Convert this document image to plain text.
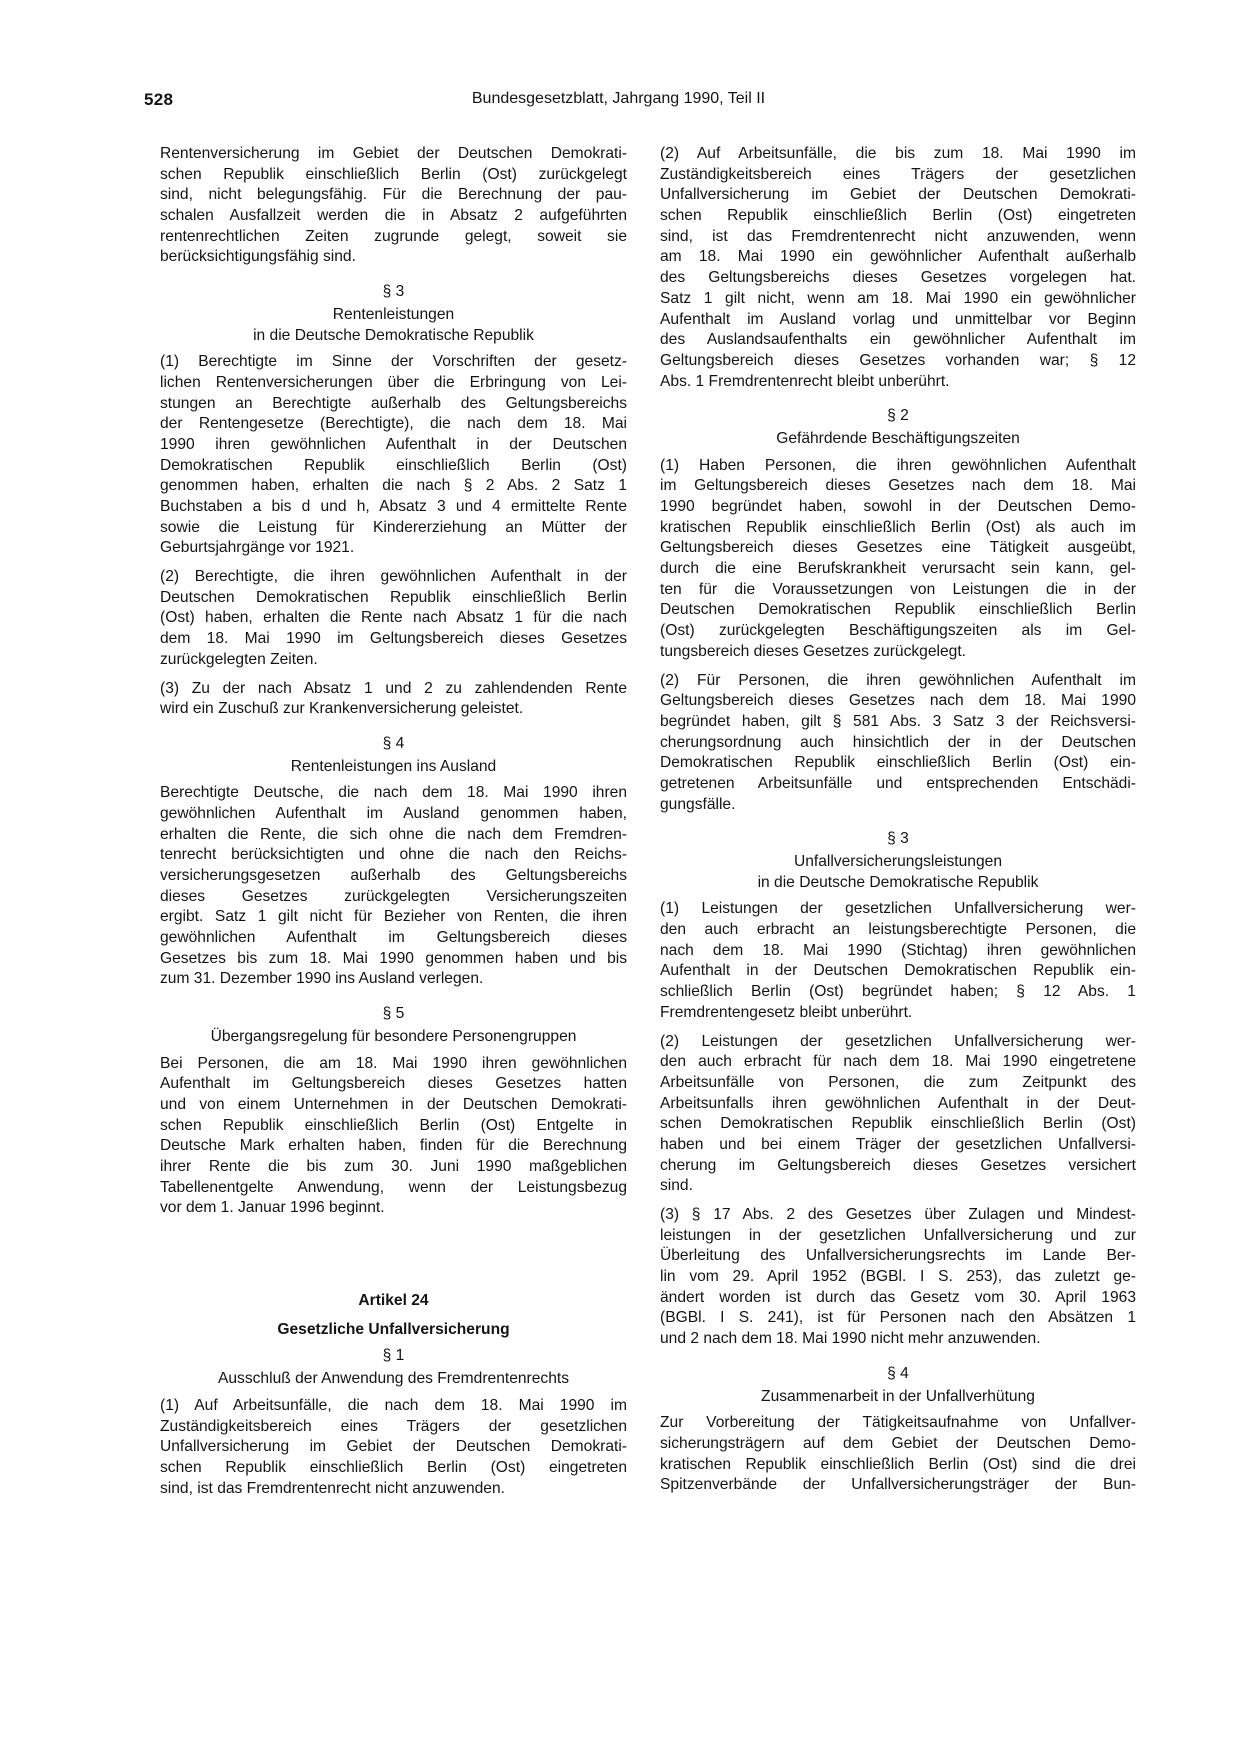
528	Bundesgesetzblatt, Jahrgang 1990, Teil II
Rentenversicherung im Gebiet der Deutschen Demokrati-
schen Republik einschließlich Berlin (Ost) zurückgelegt
sind, nicht belegungsfähig. Für die Berechnung der pau-
schalen Ausfallzeit werden die in Absatz 2 aufgeführten
rentenrechtlichen Zeiten zugrunde gelegt, soweit sie
berücksichtigungsfähig sind.
§ 3
Rentenleistungen
in die Deutsche Demokratische Republik
(1) Berechtigte im Sinne der Vorschriften der gesetz-
lichen Rentenversicherungen über die Erbringung von Lei-
stungen an Berechtigte außerhalb des Geltungsbereichs
der Rentengesetze (Berechtigte), die nach dem 18. Mai
1990 ihren gewöhnlichen Aufenthalt in der Deutschen
Demokratischen Republik einschließlich Berlin (Ost)
genommen haben, erhalten die nach § 2 Abs. 2 Satz 1
Buchstaben a bis d und h, Absatz 3 und 4 ermittelte Rente
sowie die Leistung für Kindererziehung an Mütter der
Geburtsjahrgänge vor 1921.
(2) Berechtigte, die ihren gewöhnlichen Aufenthalt in der
Deutschen Demokratischen Republik einschließlich Berlin
(Ost) haben, erhalten die Rente nach Absatz 1 für die nach
dem 18. Mai 1990 im Geltungsbereich dieses Gesetzes
zurückgelegten Zeiten.
(3) Zu der nach Absatz 1 und 2 zu zahlendenden Rente
wird ein Zuschuß zur Krankenversicherung geleistet.
§ 4
Rentenleistungen ins Ausland
Berechtigte Deutsche, die nach dem 18. Mai 1990 ihren
gewöhnlichen Aufenthalt im Ausland genommen haben,
erhalten die Rente, die sich ohne die nach dem Fremdren-
tenrecht berücksichtigten und ohne die nach den Reichs-
versicherungsgesetzen außerhalb des Geltungsbereichs
dieses Gesetzes zurückgelegten Versicherungszeiten
ergibt. Satz 1 gilt nicht für Bezieher von Renten, die ihren
gewöhnlichen Aufenthalt im Geltungsbereich dieses
Gesetzes bis zum 18. Mai 1990 genommen haben und bis
zum 31. Dezember 1990 ins Ausland verlegen.
§ 5
Übergangsregelung für besondere Personengruppen
Bei Personen, die am 18. Mai 1990 ihren gewöhnlichen
Aufenthalt im Geltungsbereich dieses Gesetzes hatten
und von einem Unternehmen in der Deutschen Demokrati-
schen Republik einschließlich Berlin (Ost) Entgelte in
Deutsche Mark erhalten haben, finden für die Berechnung
ihrer Rente die bis zum 30. Juni 1990 maßgeblichen
Tabellenentgelte Anwendung, wenn der Leistungsbezug
vor dem 1. Januar 1996 beginnt.
Artikel 24
Gesetzliche Unfallversicherung
§ 1
Ausschluß der Anwendung des Fremdrentenrechts
(1) Auf Arbeitsunfälle, die nach dem 18. Mai 1990 im
Zuständigkeitsbereich eines Trägers der gesetzlichen
Unfallversicherung im Gebiet der Deutschen Demokrati-
schen Republik einschließlich Berlin (Ost) eingetreten
sind, ist das Fremdrentenrecht nicht anzuwenden.
(2) Auf Arbeitsunfälle, die bis zum 18. Mai 1990 im
Zuständigkeitsbereich eines Trägers der gesetzlichen
Unfallversicherung im Gebiet der Deutschen Demokrati-
schen Republik einschließlich Berlin (Ost) eingetreten
sind, ist das Fremdrentenrecht nicht anzuwenden, wenn
am 18. Mai 1990 ein gewöhnlicher Aufenthalt außerhalb
des Geltungsbereichs dieses Gesetzes vorgelegen hat.
Satz 1 gilt nicht, wenn am 18. Mai 1990 ein gewöhnlicher
Aufenthalt im Ausland vorlag und unmittelbar vor Beginn
des Auslandsaufenthalts ein gewöhnlicher Aufenthalt im
Geltungsbereich dieses Gesetzes vorhanden war; § 12
Abs. 1 Fremdrentenrecht bleibt unberührt.
§ 2
Gefährdende Beschäftigungszeiten
(1) Haben Personen, die ihren gewöhnlichen Aufenthalt
im Geltungsbereich dieses Gesetzes nach dem 18. Mai
1990 begründet haben, sowohl in der Deutschen Demo-
kratischen Republik einschließlich Berlin (Ost) als auch im
Geltungsbereich dieses Gesetzes eine Tätigkeit ausgeübt,
durch die eine Berufskrankheit verursacht sein kann, gel-
ten für die Voraussetzungen von Leistungen die in der
Deutschen Demokratischen Republik einschließlich Berlin
(Ost) zurückgelegten Beschäftigungszeiten als im Gel-
tungsbereich dieses Gesetzes zurückgelegt.
(2) Für Personen, die ihren gewöhnlichen Aufenthalt im
Geltungsbereich dieses Gesetzes nach dem 18. Mai 1990
begründet haben, gilt § 581 Abs. 3 Satz 3 der Reichsversi-
cherungsordnung auch hinsichtlich der in der Deutschen
Demokratischen Republik einschließlich Berlin (Ost) ein-
getretenen Arbeitsunfälle und entsprechenden Entschädi-
gungsfälle.
§ 3
Unfallversicherungsleistungen
in die Deutsche Demokratische Republik
(1) Leistungen der gesetzlichen Unfallversicherung wer-
den auch erbracht an leistungsberechtigte Personen, die
nach dem 18. Mai 1990 (Stichtag) ihren gewöhnlichen
Aufenthalt in der Deutschen Demokratischen Republik ein-
schließlich Berlin (Ost) begründet haben; § 12 Abs. 1
Fremdrentengesetz bleibt unberührt.
(2) Leistungen der gesetzlichen Unfallversicherung wer-
den auch erbracht für nach dem 18. Mai 1990 eingetretene
Arbeitsunfälle von Personen, die zum Zeitpunkt des
Arbeitsunfalls ihren gewöhnlichen Aufenthalt in der Deut-
schen Demokratischen Republik einschließlich Berlin (Ost)
haben und bei einem Träger der gesetzlichen Unfallversi-
cherung im Geltungsbereich dieses Gesetzes versichert
sind.
(3) § 17 Abs. 2 des Gesetzes über Zulagen und Mindest-
leistungen in der gesetzlichen Unfallversicherung und zur
Überleitung des Unfallversicherungsrechts im Lande Ber-
lin vom 29. April 1952 (BGBl. I S. 253), das zuletzt ge-
ändert worden ist durch das Gesetz vom 30. April 1963
(BGBl. I S. 241), ist für Personen nach den Absätzen 1
und 2 nach dem 18. Mai 1990 nicht mehr anzuwenden.
§ 4
Zusammenarbeit in der Unfallverhütung
Zur Vorbereitung der Tätigkeitsaufnahme von Unfallver-
sicherungsträgern auf dem Gebiet der Deutschen Demo-
kratischen Republik einschließlich Berlin (Ost) sind die drei
Spitzenverbände der Unfallversicherungsträger der Bun-
